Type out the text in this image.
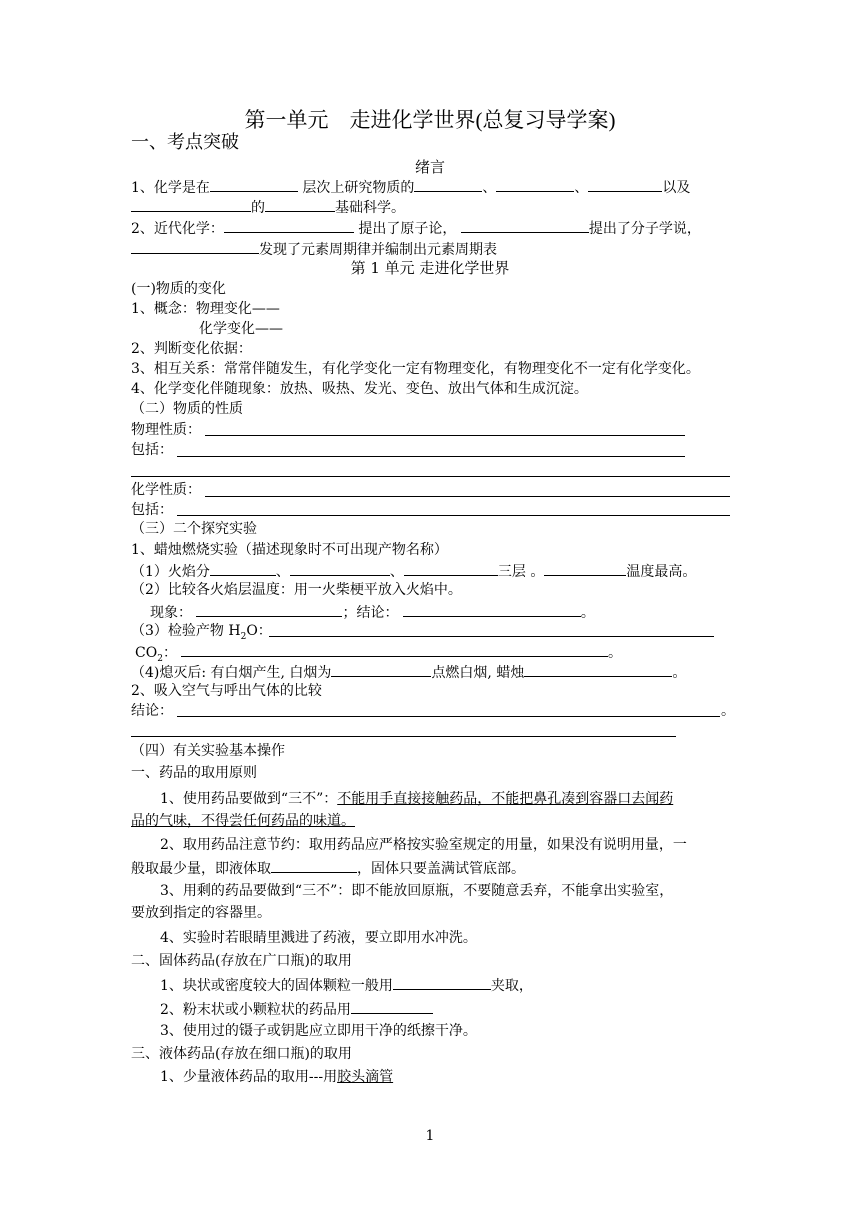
第一单元　走进化学世界(总复习导学案)
一、考点突破
绪言
1、化学是在	层次上研究物质的	、	、	以及
的	基础科学。
2、近代化学：	提出了原子论，	提出了分子学说，
发现了元素周期律并编制出元素周期表
第 1 单元 走进化学世界
(一)物质的变化
1、概念：物理变化——
化学变化——
2、判断变化依据：
3、相互关系：常常伴随发生，有化学变化一定有物理变化，有物理变化不一定有化学变化。
4、化学变化伴随现象：放热、吸热、发光、变色、放出气体和生成沉淀。
（二）物质的性质
物理性质：
包括：
化学性质：
包括：
（三）二个探究实验
1、蜡烛燃烧实验（描述现象时不可出现产物名称）
（1）火焰分	、	、	三层 。	温度最高。
（2）比较各火焰层温度：用一火柴梗平放入火焰中。
现象：	；结论：	。
（3）检验产物 $H_2O$：
$CO_2$：	。
（4)熄灭后: 有白烟产生, 白烟为	点燃白烟, 蜡烛	。
2、吸入空气与呼出气体的比较
结论：	。
（四）有关实验基本操作
一、药品的取用原则
1、使用药品要做到“三不”：不能用手直接接触药品，不能把鼻孔凑到容器口去闻药
品的气味，不得尝任何药品的味道。
2、取用药品注意节约：取用药品应严格按实验室规定的用量，如果没有说明用量，一
般取最少量，即液体取	，固体只要盖满试管底部。
3、用剩的药品要做到“三不”：即不能放回原瓶，不要随意丢弃，不能拿出实验室，
要放到指定的容器里。
4、实验时若眼睛里溅进了药液，要立即用水冲洗。
二、固体药品(存放在广口瓶)的取用
1、块状或密度较大的固体颗粒一般用	夹取，
2、粉末状或小颗粒状的药品用
3、使用过的镊子或钥匙应立即用干净的纸擦干净。
三、液体药品(存放在细口瓶)的取用
1、少量液体药品的取用---用胶头滴管
1
